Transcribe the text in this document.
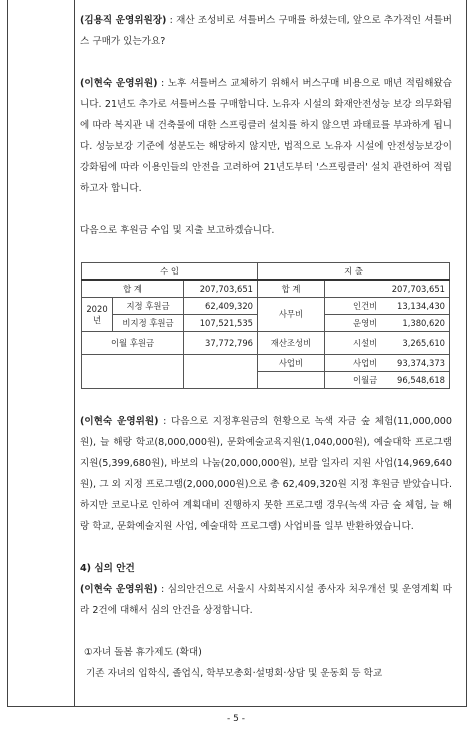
(김용직 운영위원장) : 재산 조성비로 셔틀버스 구매를 하셨는데, 앞으로 추가적인 셔틀버스 구매가 있는가요?

(이현숙 운영위원) : 노후 셔틀버스 교체하기 위해서 버스구매 비용으로 매년 적립해왔습니다. 21년도 추가로 셔틀버스를 구매합니다. 노유자 시설의 화재안전성능 보강 의무화됨에 따라 복지관 내 건축물에 대한 스프링클러 설치를 하지 않으면 과태료를 부과하게 됩니다. 성능보강 기준에 성분도는 해당하지 않지만, 법적으로 노유자 시설에 안전성능보강이 강화됨에 따라 이용인들의 안전을 고려하여 21년도부터 '스프링클러' 설치 관련하여 적립하고자 합니다.

다음으로 후원금 수입 및 지출 보고하겠습니다.

수 입			지 출	
합 계		207,703,651	합 계	207,703,651
2020년	지정 후원금	62,409,320	사무비	인건비 13,134,430
	비지정 후원금	107,521,535		운영비 1,380,620
이월 후원금		37,772,796	재산조성비	시설비 3,265,610
			사업비	사업비 93,374,373

				이월금 96,548,618

(이현숙 운영위원) : 다음으로 지정후원금의 현황으로 녹색 자금 숲 체험(11,000,000원), 늘 해랑 학교(8,000,000원), 문화예술교육지원(1,040,000원), 예술대학 프로그램 지원(5,399,680원), 바보의 나눔(20,000,000원), 보람 일자리 지원 사업(14,969,640원), 그 외 지정 프로그램(2,000,000원)으로 총 62,409,320원 지정 후원금 받았습니다. 하지만 코로나로 인하여 계획대비 진행하지 못한 프로그램 경우(녹색 자금 숲 체험, 늘 해랑 학교, 문화예술지원 사업, 예술대학 프로그램) 사업비를 일부 반환하였습니다.

4) 심의 안건

(이현숙 운영위원) : 심의안건으로 서울시 사회복지시설 종사자 처우개선 및 운영계획 따라 2건에 대해서 심의 안건을 상정합니다.

①자녀 돌봄 휴가제도 (확대)

기존 자녀의 입학식, 졸업식, 학부모총회·설명회·상담 및 운동회 등 학교

- 5 -
